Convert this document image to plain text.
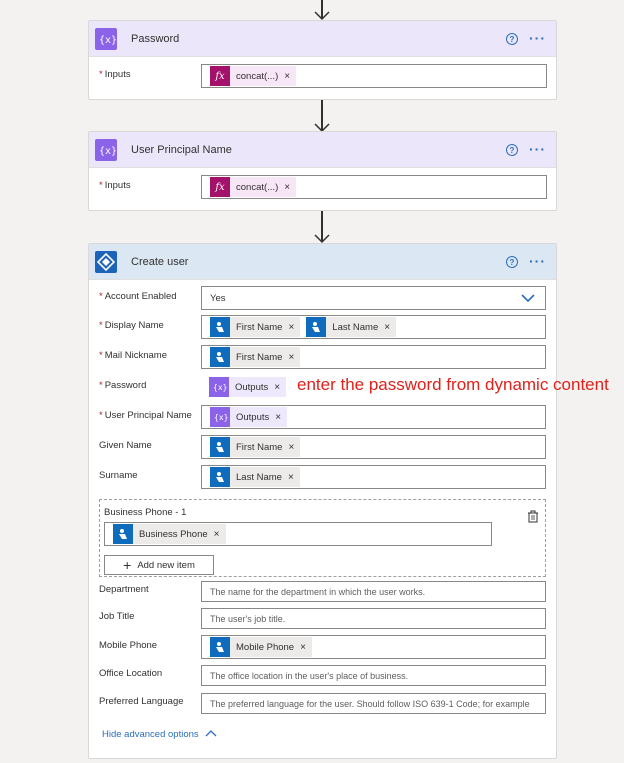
{x} Password	? ···
* Inputs	fx	concat(...) ×
{x} User Principal Name	? ···
* Inputs	fx	concat(...) ×
Create user	? ···
* Account Enabled	Yes
* Display Name	First Name ×	Last Name ×
* Mail Nickname	First Name ×
* Password	{x} Outputs ×
* User Principal Name	{x} Outputs ×
Given Name	First Name ×
Surname	Last Name ×
Business Phone - 1
Business Phone ×
+ Add new item
Department	The name for the department in which the user works.
Job Title	The user's job title.
Mobile Phone	Mobile Phone ×
Office Location	The office location in the user's place of business.
Preferred Language	The preferred language for the user. Should follow ISO 639-1 Code; for example
Hide advanced options
enter the password from dynamic content
